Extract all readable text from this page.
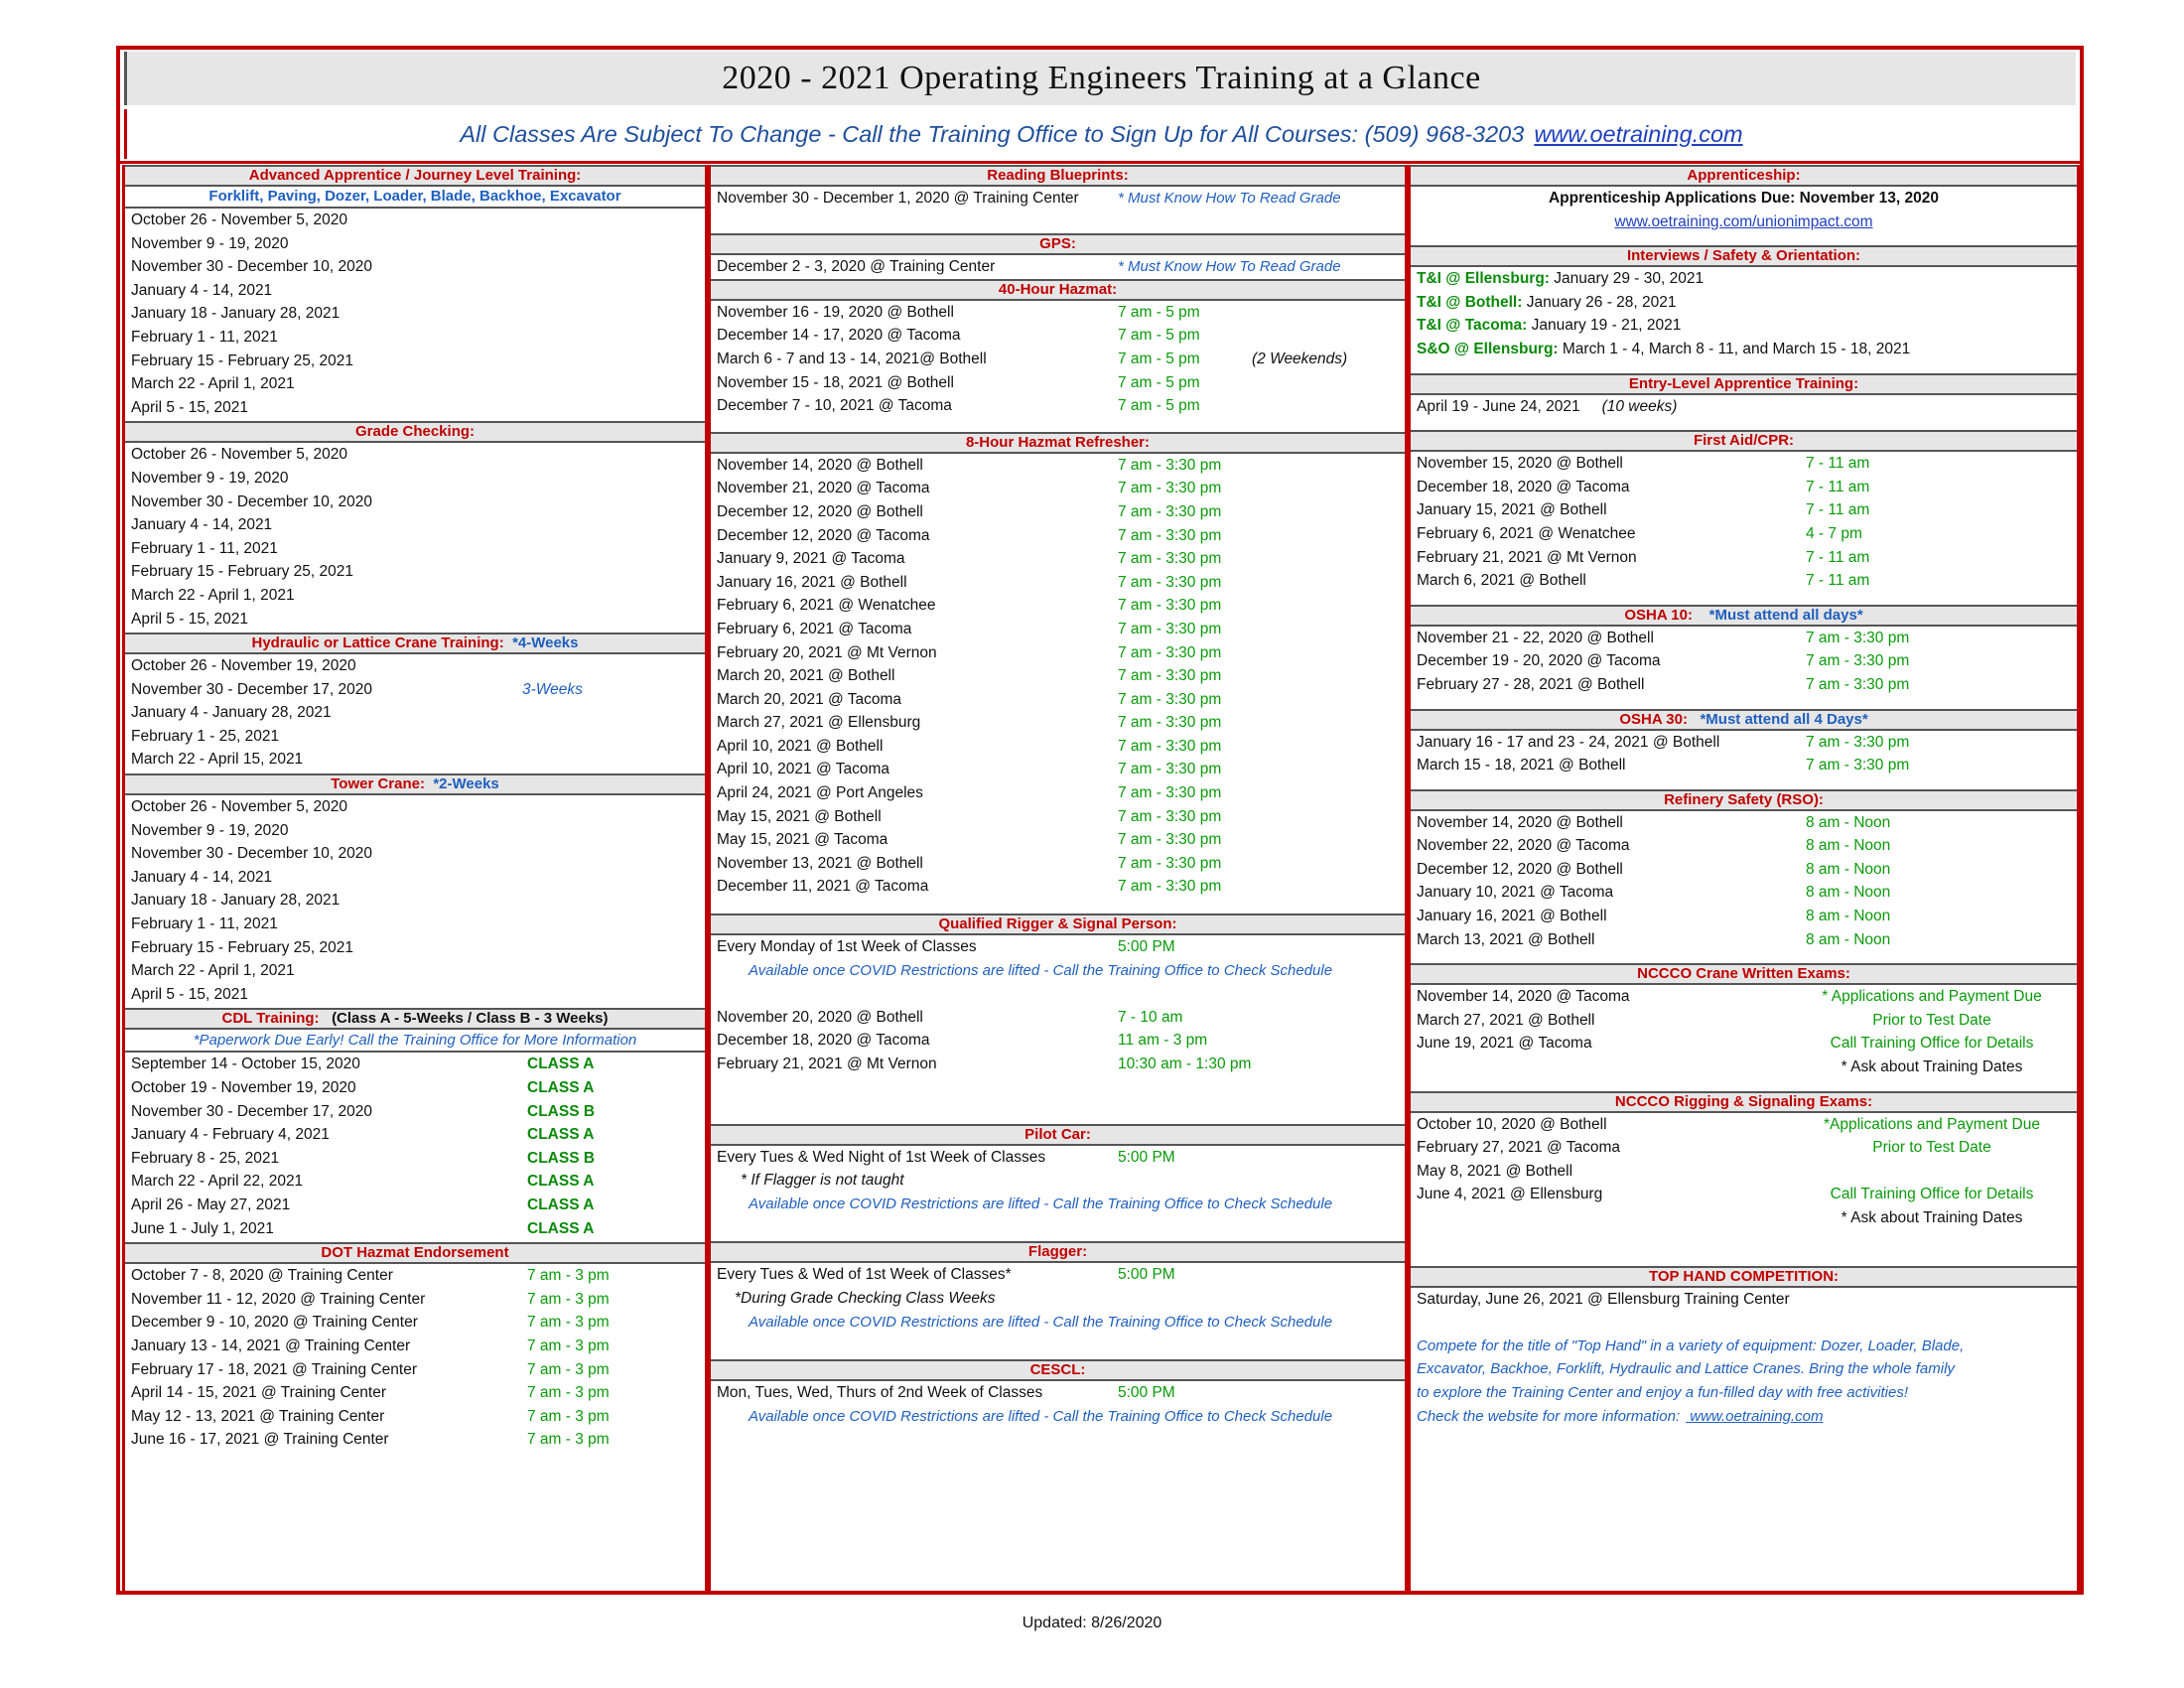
2020 - 2021 Operating Engineers Training at a Glance
All Classes Are Subject To Change - Call the Training Office to Sign Up for All Courses: (509) 968-3203 www.oetraining.com
Advanced Apprentice / Journey Level Training:
Forklift, Paving, Dozer, Loader, Blade, Backhoe, Excavator
October 26 - November 5, 2020
November 9 - 19, 2020
November 30 - December 10, 2020
January 4 - 14, 2021
January 18 - January 28, 2021
February 1 - 11, 2021
February 15 - February 25, 2021
March 22 - April 1, 2021
April 5 - 15, 2021
Grade Checking:
October 26 - November 5, 2020
November 9 - 19, 2020
November 30 - December 10, 2020
January 4 - 14, 2021
February 1 - 11, 2021
February 15 - February 25, 2021
March 22 - April 1, 2021
April 5 - 15, 2021
Hydraulic or Lattice Crane Training: *4-Weeks
October 26 - November 19, 2020
November 30 - December 17, 2020	3-Weeks
January 4 - January 28, 2021
February 1 - 25, 2021
March 22 - April 15, 2021
Tower Crane: *2-Weeks
October 26 - November 5, 2020
November 9 - 19, 2020
November 30 - December 10, 2020
January 4 - 14, 2021
January 18 - January 28, 2021
February 1 - 11, 2021
February 15 - February 25, 2021
March 22 - April 1, 2021
April 5 - 15, 2021
CDL Training: (Class A - 5-Weeks / Class B - 3 Weeks)
*Paperwork Due Early! Call the Training Office for More Information
September 14 - October 15, 2020	CLASS A
October 19 - November 19, 2020	CLASS A
November 30 - December 17, 2020	CLASS B
January 4 - February 4, 2021	CLASS A
February 8 - 25, 2021	CLASS B
March 22 - April 22, 2021	CLASS A
April 26 - May 27, 2021	CLASS A
June 1 - July 1, 2021	CLASS A
DOT Hazmat Endorsement
October 7 - 8, 2020 @ Training Center	7 am - 3 pm
November 11 - 12, 2020 @ Training Center	7 am - 3 pm
December 9 - 10, 2020 @ Training Center	7 am - 3 pm
January 13 - 14, 2021 @ Training Center	7 am - 3 pm
February 17 - 18, 2021 @ Training Center	7 am - 3 pm
April 14 - 15, 2021 @ Training Center	7 am - 3 pm
May 12 - 13, 2021 @ Training Center	7 am - 3 pm
June 16 - 17, 2021 @ Training Center	7 am - 3 pm
Reading Blueprints:
November 30 - December 1, 2020 @ Training Center	* Must Know How To Read Grade
GPS:
December 2 - 3, 2020 @ Training Center	* Must Know How To Read Grade
40-Hour Hazmat:
November 16 - 19, 2020 @ Bothell	7 am - 5 pm
December 14 - 17, 2020 @ Tacoma	7 am - 5 pm
March 6 - 7 and 13 - 14, 2021@ Bothell	7 am - 5 pm	(2 Weekends)
November 15 - 18, 2021 @ Bothell	7 am - 5 pm
December 7 - 10, 2021 @ Tacoma	7 am - 5 pm
8-Hour Hazmat Refresher:
November 14, 2020 @ Bothell	7 am - 3:30 pm
November 21, 2020 @ Tacoma	7 am - 3:30 pm
December 12, 2020 @ Bothell	7 am - 3:30 pm
December 12, 2020 @ Tacoma	7 am - 3:30 pm
January 9, 2021 @ Tacoma	7 am - 3:30 pm
January 16, 2021 @ Bothell	7 am - 3:30 pm
February 6, 2021 @ Wenatchee	7 am - 3:30 pm
February 6, 2021 @ Tacoma	7 am - 3:30 pm
February 20, 2021 @ Mt Vernon	7 am - 3:30 pm
March 20, 2021 @ Bothell	7 am - 3:30 pm
March 20, 2021 @ Tacoma	7 am - 3:30 pm
March 27, 2021 @ Ellensburg	7 am - 3:30 pm
April 10, 2021 @ Bothell	7 am - 3:30 pm
April 10, 2021 @ Tacoma	7 am - 3:30 pm
April 24, 2021 @ Port Angeles	7 am - 3:30 pm
May 15, 2021 @ Bothell	7 am - 3:30 pm
May 15, 2021 @ Tacoma	7 am - 3:30 pm
November 13, 2021 @ Bothell	7 am - 3:30 pm
December 11, 2021 @ Tacoma	7 am - 3:30 pm
Qualified Rigger & Signal Person:
Every Monday of 1st Week of Classes	5:00 PM
Available once COVID Restrictions are lifted - Call the Training Office to Check Schedule
November 20, 2020 @ Bothell	7 - 10 am
December 18, 2020 @ Tacoma	11 am - 3 pm
February 21, 2021 @ Mt Vernon	10:30 am - 1:30 pm
Pilot Car:
Every Tues & Wed Night of 1st Week of Classes	5:00 PM
* If Flagger is not taught
Available once COVID Restrictions are lifted - Call the Training Office to Check Schedule
Flagger:
Every Tues & Wed of 1st Week of Classes*	5:00 PM
*During Grade Checking Class Weeks
Available once COVID Restrictions are lifted - Call the Training Office to Check Schedule
CESCL:
Mon, Tues, Wed, Thurs of 2nd Week of Classes	5:00 PM
Available once COVID Restrictions are lifted - Call the Training Office to Check Schedule
Apprenticeship:
Apprenticeship Applications Due: November 13, 2020
www.oetraining.com/unionimpact.com
Interviews / Safety & Orientation:
T&I @ Ellensburg: January 29 - 30, 2021
T&I @ Bothell: January 26 - 28, 2021
T&I @ Tacoma: January 19 - 21, 2021
S&O @ Ellensburg: March 1 - 4, March 8 - 11, and March 15 - 18, 2021
Entry-Level Apprentice Training:
April 19 - June 24, 2021 (10 weeks)
First Aid/CPR:
November 15, 2020 @ Bothell	7 - 11 am
December 18, 2020 @ Tacoma	7 - 11 am
January 15, 2021 @ Bothell	7 - 11 am
February 6, 2021 @ Wenatchee	4 - 7 pm
February 21, 2021 @ Mt Vernon	7 - 11 am
March 6, 2021 @ Bothell	7 - 11 am
OSHA 10: *Must attend all days*
November 21 - 22, 2020 @ Bothell	7 am - 3:30 pm
December 19 - 20, 2020 @ Tacoma	7 am - 3:30 pm
February 27 - 28, 2021 @ Bothell	7 am - 3:30 pm
OSHA 30: *Must attend all 4 Days*
January 16 - 17 and 23 - 24, 2021 @ Bothell	7 am - 3:30 pm
March 15 - 18, 2021 @ Bothell	7 am - 3:30 pm
Refinery Safety (RSO):
November 14, 2020 @ Bothell	8 am - Noon
November 22, 2020 @ Tacoma	8 am - Noon
December 12, 2020 @ Bothell	8 am - Noon
January 10, 2021 @ Tacoma	8 am - Noon
January 16, 2021 @ Bothell	8 am - Noon
March 13, 2021 @ Bothell	8 am - Noon
NCCCO Crane Written Exams:
November 14, 2020 @ Tacoma	* Applications and Payment Due
March 27, 2021 @ Bothell	Prior to Test Date
June 19, 2021 @ Tacoma	Call Training Office for Details
* Ask about Training Dates
NCCCO Rigging & Signaling Exams:
October 10, 2020 @ Bothell	*Applications and Payment Due
February 27, 2021 @ Tacoma	Prior to Test Date
May 8, 2021 @ Bothell
June 4, 2021 @ Ellensburg	Call Training Office for Details
* Ask about Training Dates
TOP HAND COMPETITION:
Saturday, June 26, 2021 @ Ellensburg Training Center
Compete for the title of "Top Hand" in a variety of equipment: Dozer, Loader, Blade,
Excavator, Backhoe, Forklift, Hydraulic and Lattice Cranes. Bring the whole family
to explore the Training Center and enjoy a fun-filled day with free activities!
Check the website for more information: www.oetraining.com
Updated: 8/26/2020
